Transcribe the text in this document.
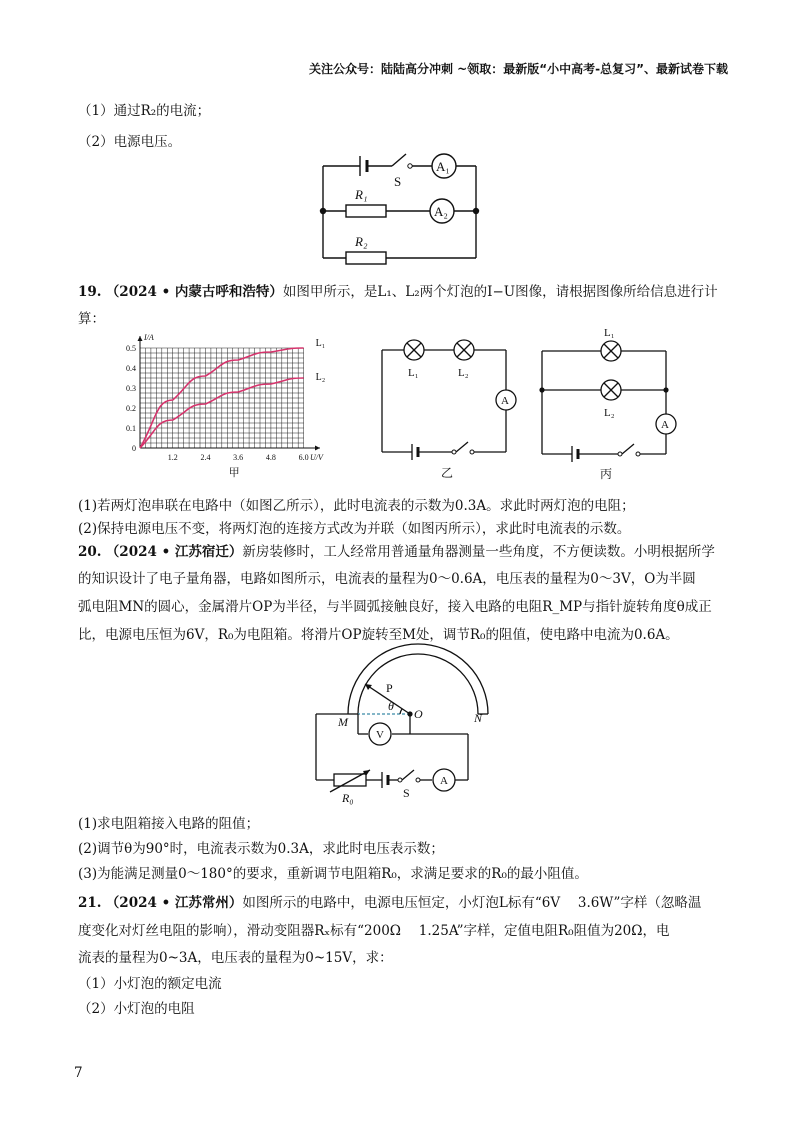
关注公众号：陆陆高分冲刺 ~领取：最新版“小中高考-总复习”、最新试卷下载
（1）通过R₂的电流；
（2）电源电压。
S
A₁
A₂
R₁
R₂
19. （2024 • 内蒙古呼和浩特）如图甲所示，是L₁、L₂两个灯泡的I−U图像，请根据图像所给信息进行计
算：
0.5
0.4
0.3
0.2
0.1
0
1.2	2.4	3.6	4.8	6.0
I/A
U/V
L₁
L₂
甲
L₁	L₂
A
乙
L₁
L₂
A
丙
(1)若两灯泡串联在电路中（如图乙所示），此时电流表的示数为0.3A。求此时两灯泡的电阻；
(2)保持电源电压不变，将两灯泡的连接方式改为并联（如图丙所示），求此时电流表的示数。
20. （2024 • 江苏宿迁）新房装修时，工人经常用普通量角器测量一些角度，不方便读数。小明根据所学
的知识设计了电子量角器，电路如图所示，电流表的量程为0～0.6A，电压表的量程为0～3V，O为半圆
弧电阻MN的圆心，金属滑片OP为半径，与半圆弧接触良好，接入电路的电阻R_MP与指针旋转角度θ成正
比，电源电压恒为6V，R₀为电阻箱。将滑片OP旋转至M处，调节R₀的阻值，使电路中电流为0.6A。
P
θ
O
M	N
V
A
R₀	S
(1)求电阻箱接入电路的阻值；
(2)调节θ为90°时，电流表示数为0.3A，求此时电压表示数；
(3)为能满足测量0～180°的要求，重新调节电阻箱R₀，求满足要求的R₀的最小阻值。
21. （2024 • 江苏常州）如图所示的电路中，电源电压恒定，小灯泡L标有“6V　 3.6W”字样（忽略温
度变化对灯丝电阻的影响），滑动变阻器Rₓ标有“200Ω　 1.25A”字样，定值电阻R₀阻值为20Ω，电
流表的量程为0~3A，电压表的量程为0~15V，求：
（1）小灯泡的额定电流
（2）小灯泡的电阻
7
